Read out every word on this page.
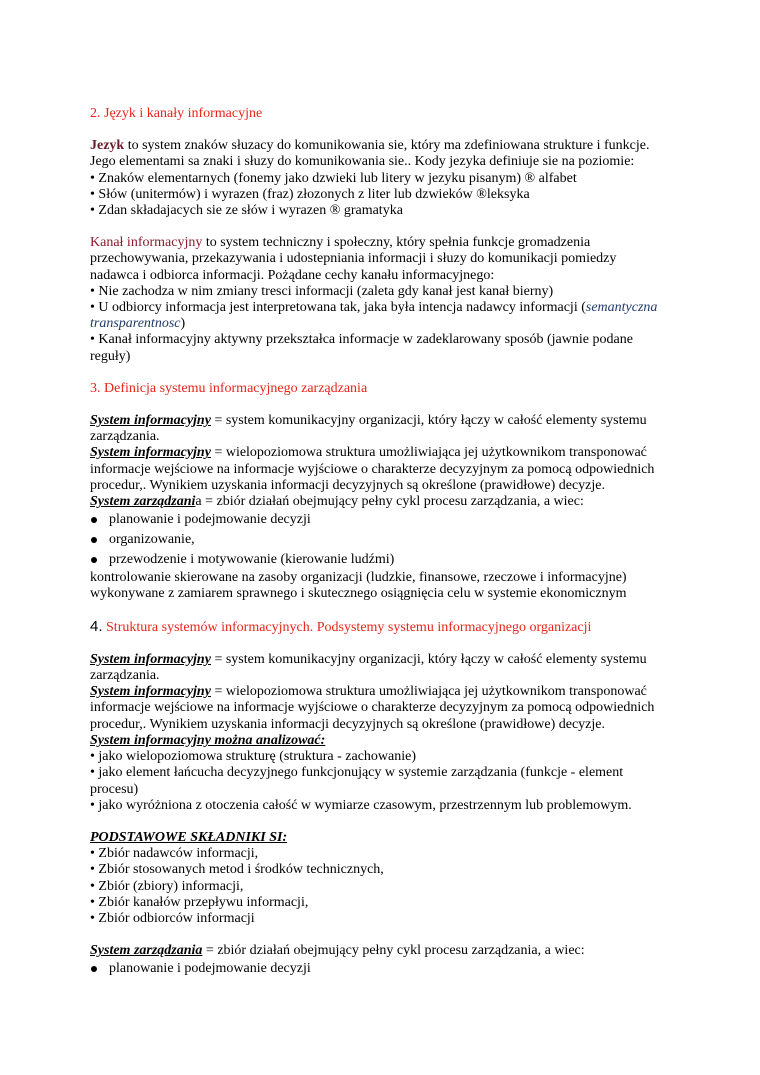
2. Język i kanały informacyjne
Jezyk to system znaków słuzacy do komunikowania sie, który ma zdefiniowana strukture i funkcje.
Jego elementami sa znaki i słuzy do komunikowania sie.. Kody jezyka definiuje sie na poziomie:
• Znaków elementarnych (fonemy jako dzwieki lub litery w jezyku pisanym) ® alfabet
• Słów (unitermów) i wyrazen (fraz) złozonych z liter lub dzwieków ®leksyka
• Zdan składajacych sie ze słów i wyrazen ® gramatyka
Kanał informacyjny to system techniczny i społeczny, który spełnia funkcje gromadzenia
przechowywania, przekazywania i udostepniania informacji i słuzy do komunikacji pomiedzy
nadawca i odbiorca informacji. Pożądane cechy kanału informacyjnego:
• Nie zachodza w nim zmiany tresci informacji (zaleta gdy kanał jest kanał bierny)
• U odbiorcy informacja jest interpretowana tak, jaka była intencja nadawcy informacji (semantyczna
transparentnosc)
• Kanał informacyjny aktywny przekształca informacje w zadeklarowany sposób (jawnie podane
reguły)
3. Definicja systemu informacyjnego zarządzania
System informacyjny = system komunikacyjny organizacji, który łączy w całość elementy systemu
zarządzania.
System informacyjny = wielopoziomowa struktura umożliwiająca jej użytkownikom transponować
informacje wejściowe na informacje wyjściowe o charakterze decyzyjnym za pomocą odpowiednich
procedur,. Wynikiem uzyskania informacji decyzyjnych są określone (prawidłowe) decyzje.
System zarządzania = zbiór działań obejmujący pełny cykl procesu zarządzania, a wiec:
planowanie i podejmowanie decyzji
organizowanie,
przewodzenie i motywowanie (kierowanie ludźmi)
kontrolowanie skierowane na zasoby organizacji (ludzkie, finansowe, rzeczowe i informacyjne)
wykonywane z zamiarem sprawnego i skutecznego osiągnięcia celu w systemie ekonomicznym
4. Struktura systemów informacyjnych. Podsystemy systemu informacyjnego organizacji
System informacyjny = system komunikacyjny organizacji, który łączy w całość elementy systemu
zarządzania.
System informacyjny = wielopoziomowa struktura umożliwiająca jej użytkownikom transponować
informacje wejściowe na informacje wyjściowe o charakterze decyzyjnym za pomocą odpowiednich
procedur,. Wynikiem uzyskania informacji decyzyjnych są określone (prawidłowe) decyzje.
System informacyjny można analizować:
• jako wielopoziomowa strukturę (struktura - zachowanie)
• jako element łańcucha decyzyjnego funkcjonujący w systemie zarządzania (funkcje - element
procesu)
• jako wyróżniona z otoczenia całość w wymiarze czasowym, przestrzennym lub problemowym.
PODSTAWOWE SKŁADNIKI SI:
• Zbiór nadawców informacji,
• Zbiór stosowanych metod i środków technicznych,
• Zbiór (zbiory) informacji,
• Zbiór kanałów przepływu informacji,
• Zbiór odbiorców informacji
System zarządzania = zbiór działań obejmujący pełny cykl procesu zarządzania, a wiec:
planowanie i podejmowanie decyzji
